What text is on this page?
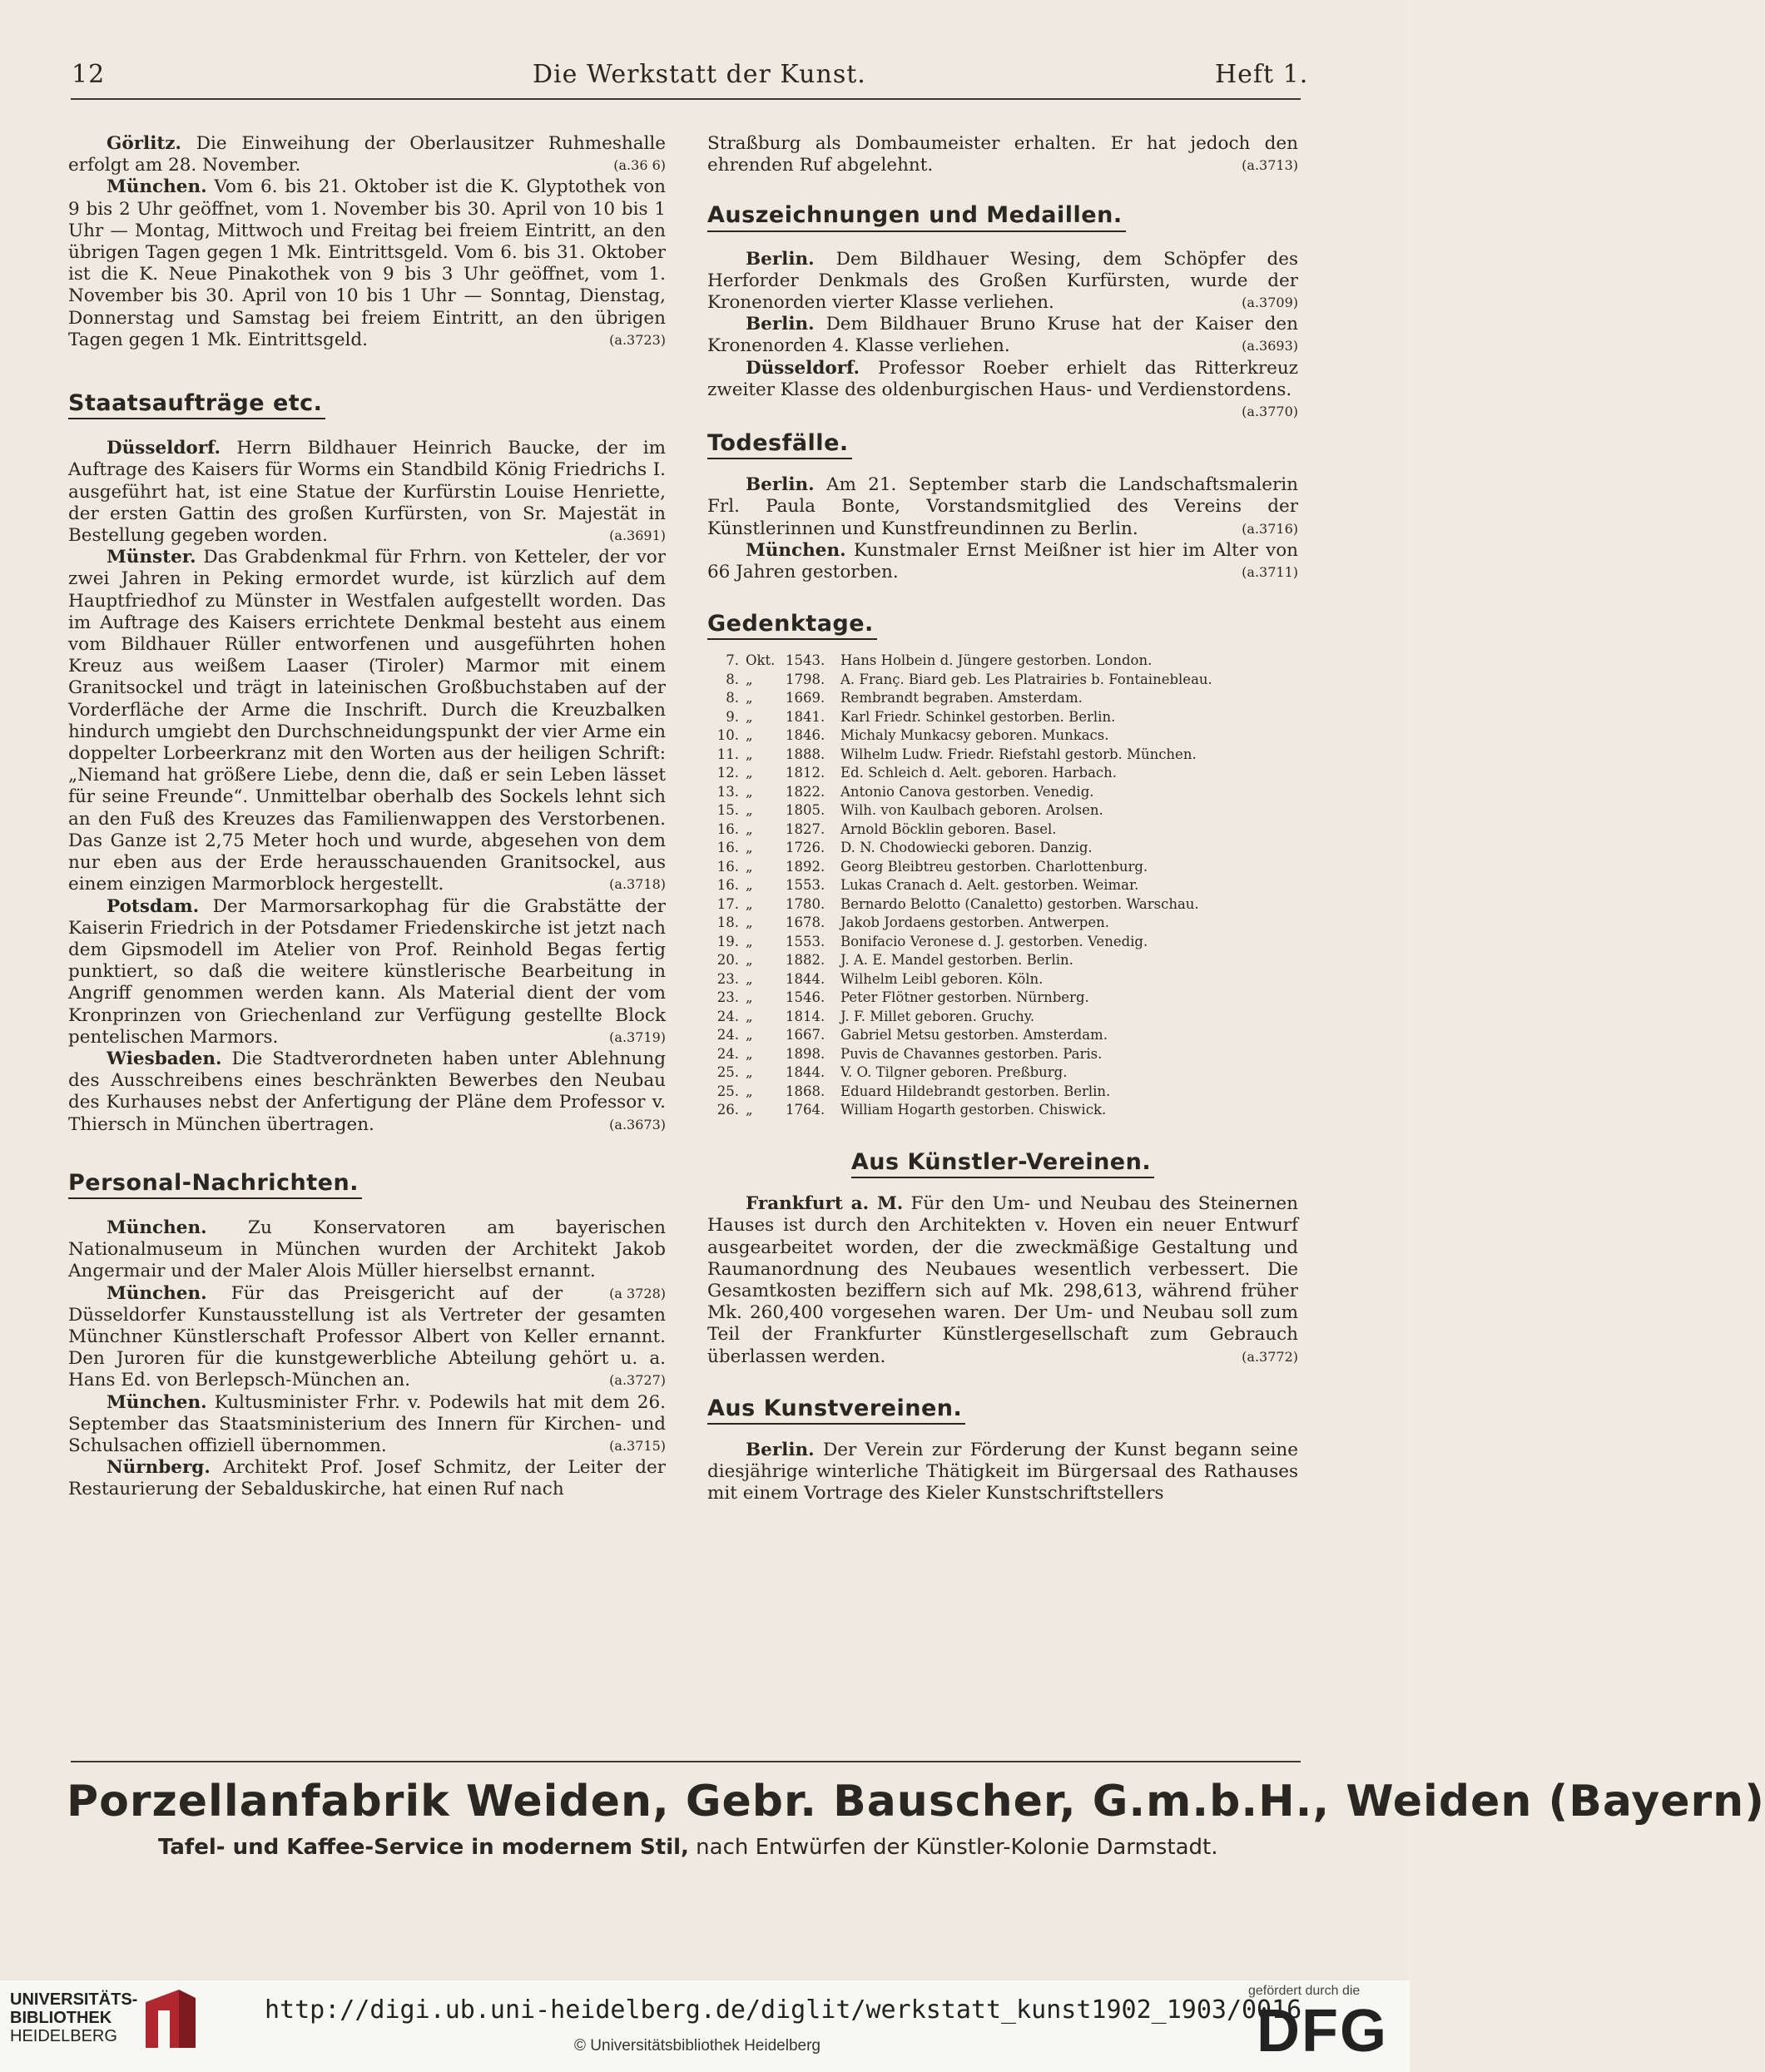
12	Die Werkstatt der Kunst.	Heft 1.

Görlitz. Die Einweihung der Oberlausitzer Ruhmeshalle erfolgt am 28. November.	(a.36 6)

München. Vom 6. bis 21. Oktober ist die K. Glyptothek von 9 bis 2 Uhr geöffnet, vom 1. November bis 30. April von 10 bis 1 Uhr — Montag, Mittwoch und Freitag bei freiem Eintritt, an den übrigen Tagen gegen 1 Mk. Eintrittsgeld. Vom 6. bis 31. Oktober ist die K. Neue Pinakothek von 9 bis 3 Uhr geöffnet, vom 1. November bis 30. April von 10 bis 1 Uhr — Sonntag, Dienstag, Donnerstag und Samstag bei freiem Eintritt, an den übrigen Tagen gegen 1 Mk. Eintrittsgeld.	(a.3723)

Staatsaufträge etc.

Düsseldorf. Herrn Bildhauer Heinrich Baucke, der im Auftrage des Kaisers für Worms ein Standbild König Friedrichs I. ausgeführt hat, ist eine Statue der Kurfürstin Louise Henriette, der ersten Gattin des großen Kurfürsten, von Sr. Majestät in Bestellung gegeben worden.	(a.3691)

Münster. Das Grabdenkmal für Frhrn. von Ketteler, der vor zwei Jahren in Peking ermordet wurde, ist kürzlich auf dem Hauptfriedhof zu Münster in Westfalen aufgestellt worden. Das im Auftrage des Kaisers errichtete Denkmal besteht aus einem vom Bildhauer Rüller entworfenen und ausgeführten hohen Kreuz aus weißem Laaser (Tiroler) Marmor mit einem Granitsockel und trägt in lateinischen Großbuchstaben auf der Vorderfläche der Arme die Inschrift. Durch die Kreuzbalken hindurch umgiebt den Durchschneidungspunkt der vier Arme ein doppelter Lorbeerkranz mit den Worten aus der heiligen Schrift: „Niemand hat größere Liebe, denn die, daß er sein Leben lässet für seine Freunde“. Unmittelbar oberhalb des Sockels lehnt sich an den Fuß des Kreuzes das Familienwappen des Verstorbenen. Das Ganze ist 2,75 Meter hoch und wurde, abgesehen von dem nur eben aus der Erde herausschauenden Granitsockel, aus einem einzigen Marmorblock hergestellt.	(a.3718)

Potsdam. Der Marmorsarkophag für die Grabstätte der Kaiserin Friedrich in der Potsdamer Friedenskirche ist jetzt nach dem Gipsmodell im Atelier von Prof. Reinhold Begas fertig punktiert, so daß die weitere künstlerische Bearbeitung in Angriff genommen werden kann. Als Material dient der vom Kronprinzen von Griechenland zur Verfügung gestellte Block pentelischen Marmors.	(a.3719)

Wiesbaden. Die Stadtverordneten haben unter Ablehnung des Ausschreibens eines beschränkten Bewerbes den Neubau des Kurhauses nebst der Anfertigung der Pläne dem Professor v. Thiersch in München übertragen.	(a.3673)

Personal-Nachrichten.

München. Zu Konservatoren am bayerischen Nationalmuseum in München wurden der Architekt Jakob Angermair und der Maler Alois Müller hierselbst ernannt.
(a 3728)

München. Für das Preisgericht auf der Düsseldorfer Kunstausstellung ist als Vertreter der gesamten Münchner Künstlerschaft Professor Albert von Keller ernannt. Den Juroren für die kunstgewerbliche Abteilung gehört u. a. Hans Ed. von Berlepsch-München an.	(a.3727)

München. Kultusminister Frhr. v. Podewils hat mit dem 26. September das Staatsministerium des Innern für Kirchen- und Schulsachen offiziell übernommen.	(a.3715)

Nürnberg. Architekt Prof. Josef Schmitz, der Leiter der Restaurierung der Sebalduskirche, hat einen Ruf nach

Straßburg als Dombaumeister erhalten. Er hat jedoch den ehrenden Ruf abgelehnt.	(a.3713)

Auszeichnungen und Medaillen.

Berlin. Dem Bildhauer Wesing, dem Schöpfer des Herforder Denkmals des Großen Kurfürsten, wurde der Kronenorden vierter Klasse verliehen.	(a.3709)

Berlin. Dem Bildhauer Bruno Kruse hat der Kaiser den Kronenorden 4. Klasse verliehen.	(a.3693)

Düsseldorf. Professor Roeber erhielt das Ritterkreuz zweiter Klasse des oldenburgischen Haus- und Verdienstordens.
(a.3770)

Todesfälle.

Berlin. Am 21. September starb die Landschaftsmalerin Frl. Paula Bonte, Vorstandsmitglied des Vereins der Künstlerinnen und Kunstfreundinnen zu Berlin.	(a.3716)

München. Kunstmaler Ernst Meißner ist hier im Alter von 66 Jahren gestorben.	(a.3711)

Gedenktage.
7.	Okt.	1543.	Hans Holbein d. Jüngere gestorben. London.
8.	„	1798.	A. Franç. Biard geb. Les Platrairies b. Fontainebleau.
8.	„	1669.	Rembrandt begraben. Amsterdam.
9.	„	1841.	Karl Friedr. Schinkel gestorben. Berlin.
10.	„	1846.	Michaly Munkacsy geboren. Munkacs.
11.	„	1888.	Wilhelm Ludw. Friedr. Riefstahl gestorb. München.
12.	„	1812.	Ed. Schleich d. Aelt. geboren. Harbach.
13.	„	1822.	Antonio Canova gestorben. Venedig.
15.	„	1805.	Wilh. von Kaulbach geboren. Arolsen.
16.	„	1827.	Arnold Böcklin geboren. Basel.
16.	„	1726.	D. N. Chodowiecki geboren. Danzig.
16.	„	1892.	Georg Bleibtreu gestorben. Charlottenburg.
16.	„	1553.	Lukas Cranach d. Aelt. gestorben. Weimar.
17.	„	1780.	Bernardo Belotto (Canaletto) gestorben. Warschau.
18.	„	1678.	Jakob Jordaens gestorben. Antwerpen.
19.	„	1553.	Bonifacio Veronese d. J. gestorben. Venedig.
20.	„	1882.	J. A. E. Mandel gestorben. Berlin.
23.	„	1844.	Wilhelm Leibl geboren. Köln.
23.	„	1546.	Peter Flötner gestorben. Nürnberg.
24.	„	1814.	J. F. Millet geboren. Gruchy.
24.	„	1667.	Gabriel Metsu gestorben. Amsterdam.
24.	„	1898.	Puvis de Chavannes gestorben. Paris.
25.	„	1844.	V. O. Tilgner geboren. Preßburg.
25.	„	1868.	Eduard Hildebrandt gestorben. Berlin.
26.	„	1764.	William Hogarth gestorben. Chiswick.
Aus Künstler-Vereinen.

Frankfurt a. M. Für den Um- und Neubau des Steinernen Hauses ist durch den Architekten v. Hoven ein neuer Entwurf ausgearbeitet worden, der die zweckmäßige Gestaltung und Raumanordnung des Neubaues wesentlich verbessert. Die Gesamtkosten beziffern sich auf Mk. 298,613, während früher Mk. 260,400 vorgesehen waren. Der Um- und Neubau soll zum Teil der Frankfurter Künstlergesellschaft zum Gebrauch überlassen werden.	(a.3772)

Aus Kunstvereinen.

Berlin. Der Verein zur Förderung der Kunst begann seine diesjährige winterliche Thätigkeit im Bürgersaal des Rathauses mit einem Vortrage des Kieler Kunstschriftstellers

Porzellanfabrik Weiden, Gebr. Bauscher, G.m.b.H., Weiden (Bayern)
Tafel- und Kaffee-Service in modernem Stil, nach Entwürfen der Künstler-Kolonie Darmstadt.
UNIVERSITÄTS-
BIBLIOTHEK
HEIDELBERG
http://digi.ub.uni-heidelberg.de/diglit/werkstatt_kunst1902_1903/0016
© Universitätsbibliothek Heidelberg
gefördert durch die
DFG
